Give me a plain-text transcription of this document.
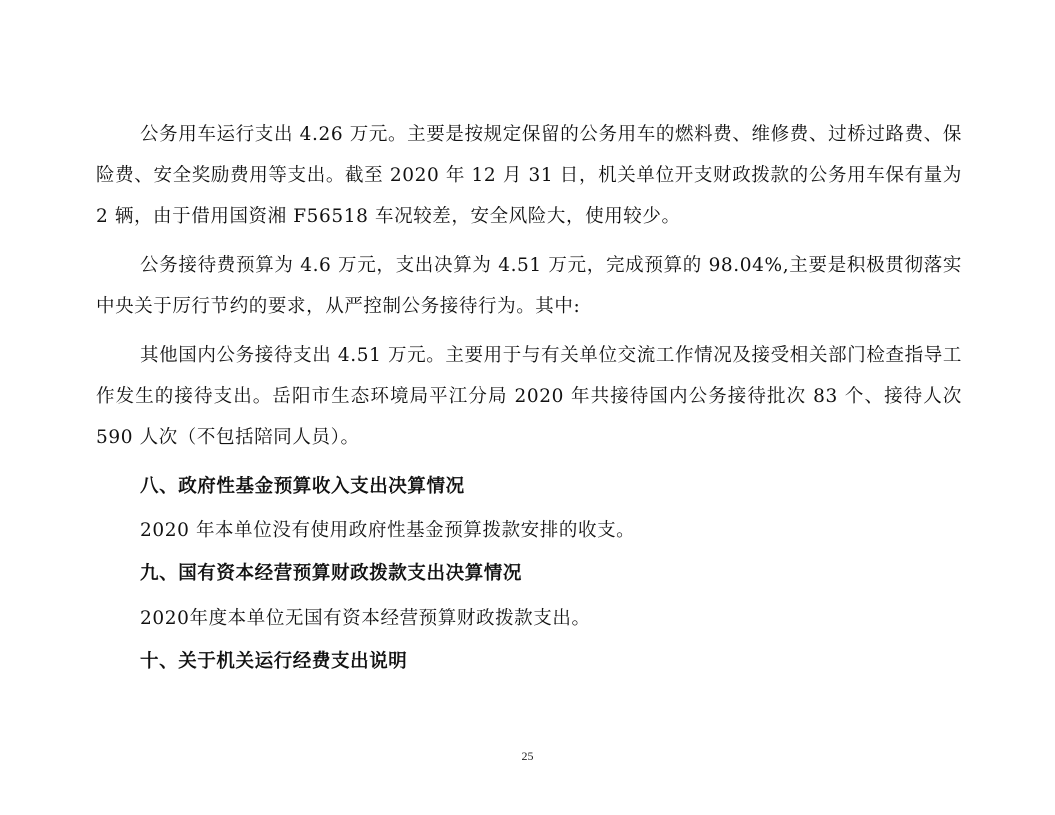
公务用车运行支出 4.26 万元。主要是按规定保留的公务用车的燃料费、维修费、过桥过路费、保险费、安全奖励费用等支出。截至 2020 年 12 月 31 日，机关单位开支财政拨款的公务用车保有量为 2 辆，由于借用国资湘 F56518 车况较差，安全风险大，使用较少。

公务接待费预算为 4.6 万元，支出决算为 4.51 万元，完成预算的 98.04%,主要是积极贯彻落实中央关于厉行节约的要求，从严控制公务接待行为。其中:

其他国内公务接待支出 4.51 万元。主要用于与有关单位交流工作情况及接受相关部门检查指导工作发生的接待支出。岳阳市生态环境局平江分局 2020 年共接待国内公务接待批次 83 个、接待人次 590 人次（不包括陪同人员）。

八、政府性基金预算收入支出决算情况

2020 年本单位没有使用政府性基金预算拨款安排的收支。

九、国有资本经营预算财政拨款支出决算情况

2020年度本单位无国有资本经营预算财政拨款支出。

十、关于机关运行经费支出说明
25
